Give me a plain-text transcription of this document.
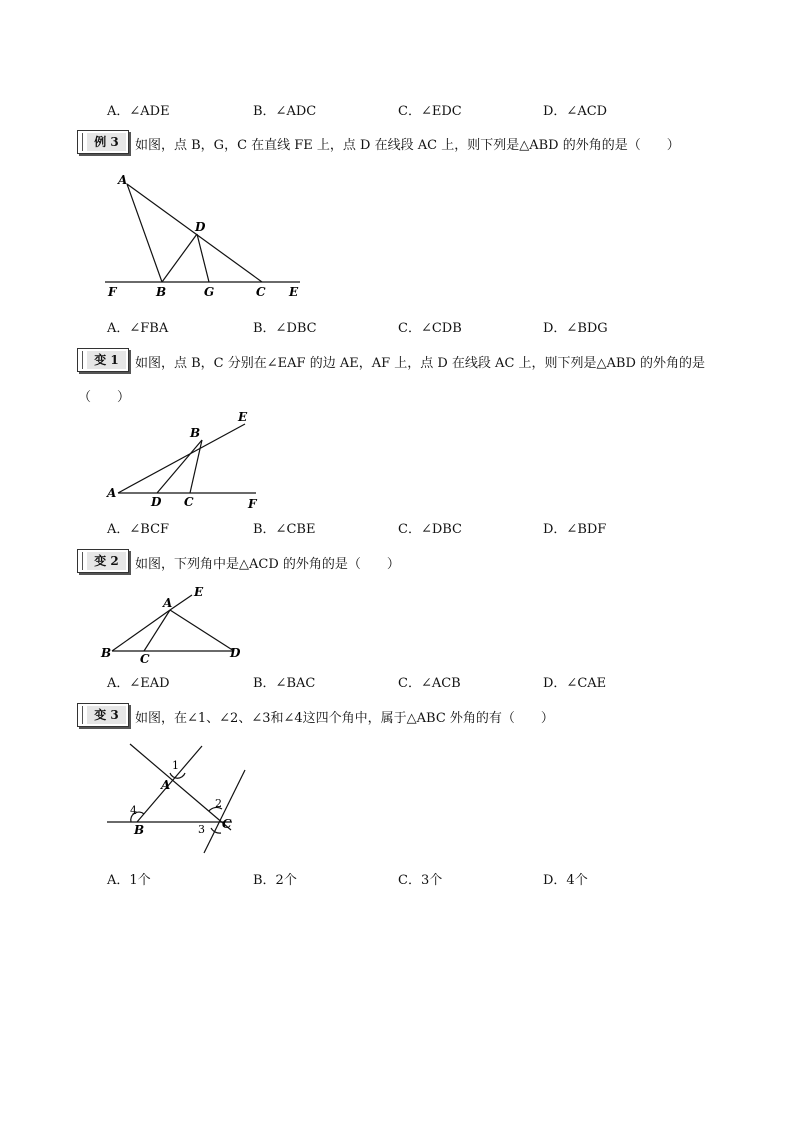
A．∠ADE	B．∠ADC	C．∠EDC	D．∠ACD
例 3	如图，点 B，G，C 在直线 FE 上，点 D 在线段 AC 上，则下列是△ABD 的外角的是（　　）
A
D
F	B	G	C E
A．∠FBA	B．∠DBC	C．∠CDB	D．∠BDG
变 1	如图，点 B，C 分别在∠EAF 的边 AE，AF 上，点 D 在线段 AC 上，则下列是△ABD 的外角的是
（　　）
E
B
A
D C	F
A．∠BCF	B．∠CBE	C．∠DBC	D．∠BDF
变 2	如图，下列角中是△ACD 的外角的是（　　）
A
E
B C	D
A．∠EAD	B．∠BAC	C．∠ACB	D．∠CAE
变 3	如图，在∠1、∠2、∠3和∠4这四个角中，属于△ABC 外角的有（　　）
1
A
4
2
B	3 C
A．1个	B．2个	C．3个	D．4个
